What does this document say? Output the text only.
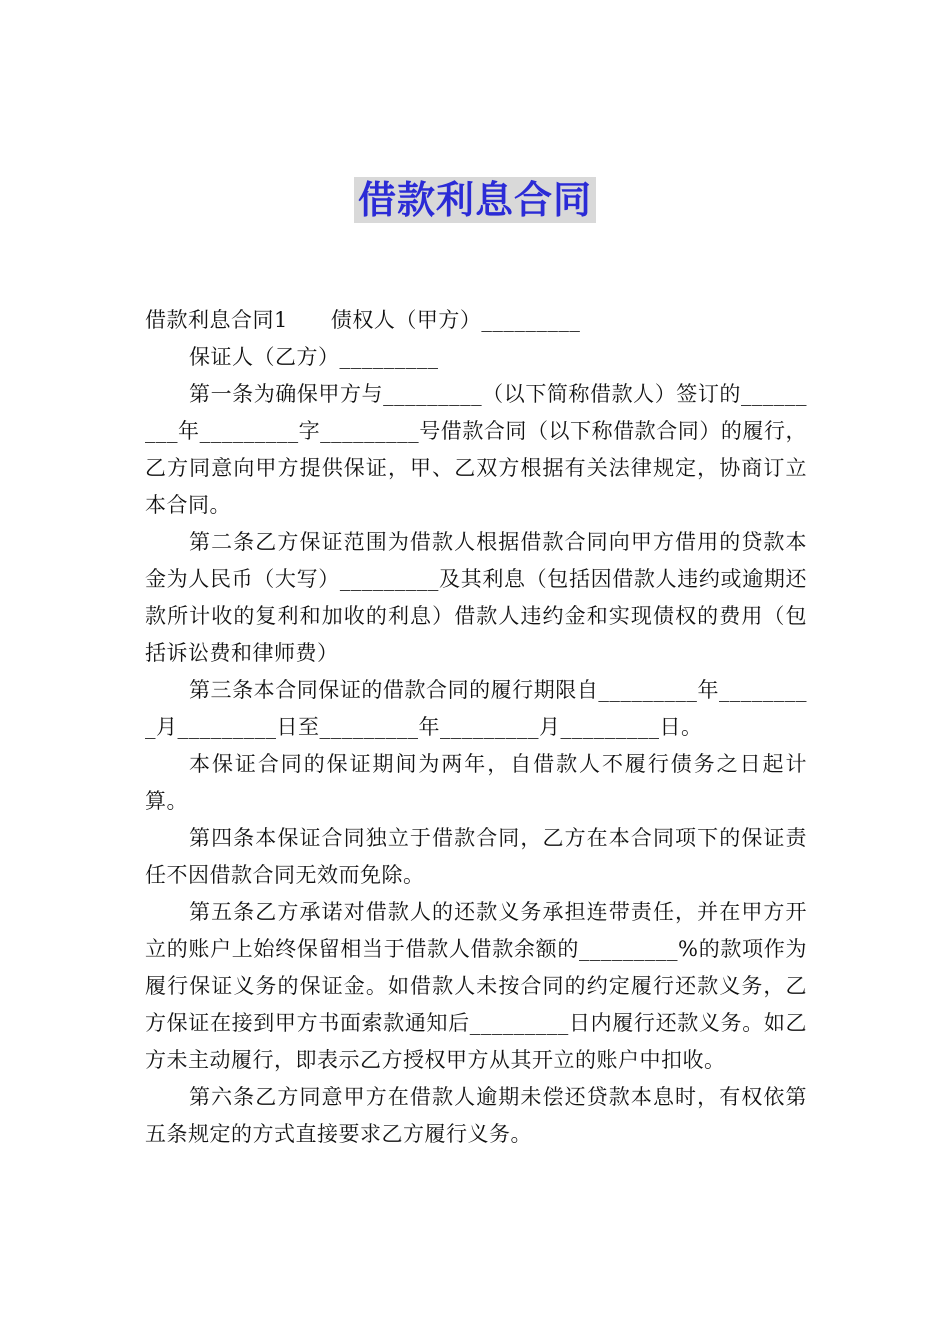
借款利息合同

借款利息合同1　　债权人（甲方）_________

保证人（乙方）_________

第一条为确保甲方与_________（以下简称借款人）签订的_________年_________字_________号借款合同（以下称借款合同）的履行，乙方同意向甲方提供保证，甲、乙双方根据有关法律规定，协商订立本合同。

第二条乙方保证范围为借款人根据借款合同向甲方借用的贷款本金为人民币（大写）_________及其利息（包括因借款人违约或逾期还款所计收的复利和加收的利息）借款人违约金和实现债权的费用（包括诉讼费和律师费）

第三条本合同保证的借款合同的履行期限自_________年_________月_________日至_________年_________月_________日。

本保证合同的保证期间为两年，自借款人不履行债务之日起计算。

第四条本保证合同独立于借款合同，乙方在本合同项下的保证责任不因借款合同无效而免除。

第五条乙方承诺对借款人的还款义务承担连带责任，并在甲方开立的账户上始终保留相当于借款人借款余额的_________%的款项作为履行保证义务的保证金。如借款人未按合同的约定履行还款义务，乙方保证在接到甲方书面索款通知后_________日内履行还款义务。如乙方未主动履行，即表示乙方授权甲方从其开立的账户中扣收。

第六条乙方同意甲方在借款人逾期未偿还贷款本息时，有权依第五条规定的方式直接要求乙方履行义务。
